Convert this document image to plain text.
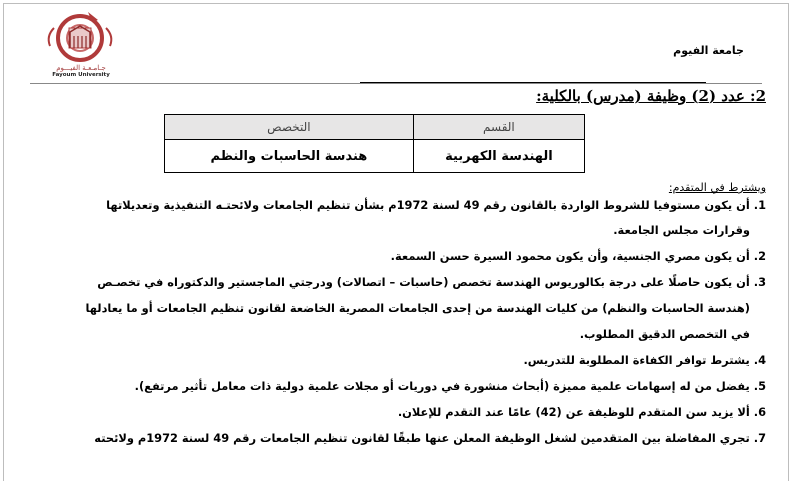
جـامـعـة الفيـــوم
Fayoum University
جامعة الفيوم
2: عدد (2) وظيفة (مدرس) بالكلية:
القسم	التخصص
الهندسة الكهربية	هندسة الحاسبات والنظم
ويشترط في المتقدم:
1. أن يكون مستوفيا للشروط الواردة بالقانون رقم 49 لسنة 1972م بشأن تنظيم الجامعات ولائحتـه التنفيذية وتعديلاتها
وقرارات مجلس الجامعة.
2. أن يكون مصري الجنسية، وأن يكون محمود السيرة حسن السمعة.
3. أن يكون حاصلًا على درجة بكالوريوس الهندسة تخصص (حاسبات – اتصالات) ودرجتي الماجستير والدكتوراه في تخصـص
(هندسة الحاسبات والنظم) من كليات الهندسة من إحدى الجامعات المصرية الخاضعة لقانون تنظيم الجامعات أو ما يعادلها
في التخصص الدقيق المطلوب.
4. يشترط توافر الكفاءة المطلوبة للتدريس.
5. يفضل من له إسهامات علمية مميزة (أبحاث منشورة في دوريات أو مجلات علمية دولية ذات معامل تأثير مرتفع).
6. ألا يزيد سن المتقدم للوظيفة عن (42) عامًا عند التقدم للإعلان.
7. تجري المفاضلة بين المتقدمين لشغل الوظيفة المعلن عنها طبقًا لقانون تنظيم الجامعات رقم 49 لسنة 1972م ولائحته
